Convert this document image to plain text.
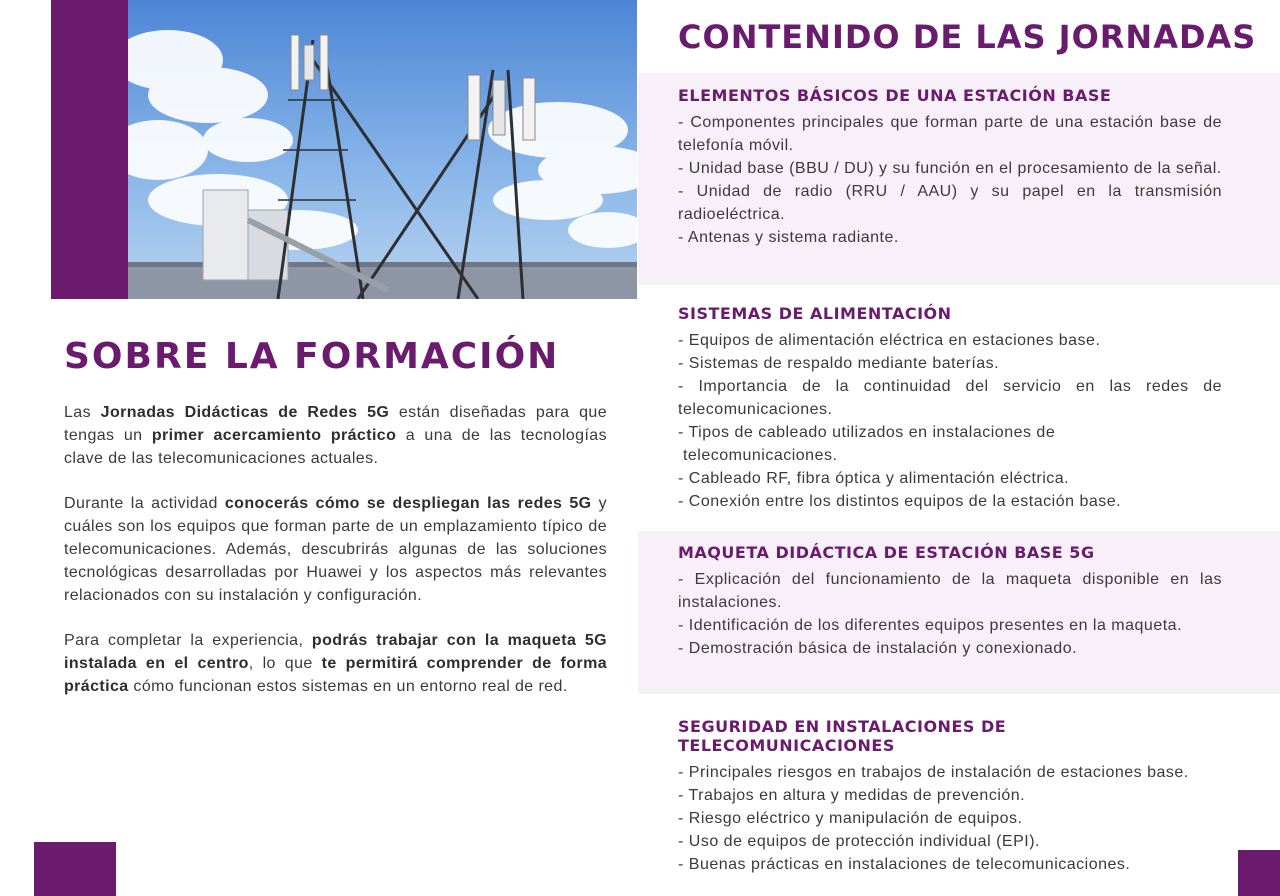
SOBRE LA FORMACIÓN

Las Jornadas Didácticas de Redes 5G están diseñadas para que tengas un primer acercamiento práctico a una de las tecnologías clave de las telecomunicaciones actuales.

Durante la actividad conocerás cómo se despliegan las redes 5G y cuáles son los equipos que forman parte de un emplazamiento típico de telecomunicaciones. Además, descubrirás algunas de las soluciones tecnológicas desarrolladas por Huawei y los aspectos más relevantes relacionados con su instalación y configuración.

Para completar la experiencia, podrás trabajar con la maqueta 5G instalada en el centro, lo que te permitirá comprender de forma práctica cómo funcionan estos sistemas en un entorno real de red.

CONTENIDO DE LAS JORNADAS
ELEMENTOS BÁSICOS DE UNA ESTACIÓN BASE
- Componentes principales que forman parte de una estación base de telefonía móvil.
- Unidad base (BBU / DU) y su función en el procesamiento de la señal.
- Unidad de radio (RRU / AAU) y su papel en la transmisión radioeléctrica.
- Antenas y sistema radiante.
SISTEMAS DE ALIMENTACIÓN
- Equipos de alimentación eléctrica en estaciones base.
- Sistemas de respaldo mediante baterías.
- Importancia de la continuidad del servicio en las redes de telecomunicaciones.
- Tipos de cableado utilizados en instalaciones de
telecomunicaciones.
- Cableado RF, fibra óptica y alimentación eléctrica.
- Conexión entre los distintos equipos de la estación base.
MAQUETA DIDÁCTICA DE ESTACIÓN BASE 5G
- Explicación del funcionamiento de la maqueta disponible en las instalaciones.
- Identificación de los diferentes equipos presentes en la maqueta.
- Demostración básica de instalación y conexionado.
SEGURIDAD EN INSTALACIONES DE TELECOMUNICACIONES
- Principales riesgos en trabajos de instalación de estaciones base.
- Trabajos en altura y medidas de prevención.
- Riesgo eléctrico y manipulación de equipos.
- Uso de equipos de protección individual (EPI).
- Buenas prácticas en instalaciones de telecomunicaciones.
